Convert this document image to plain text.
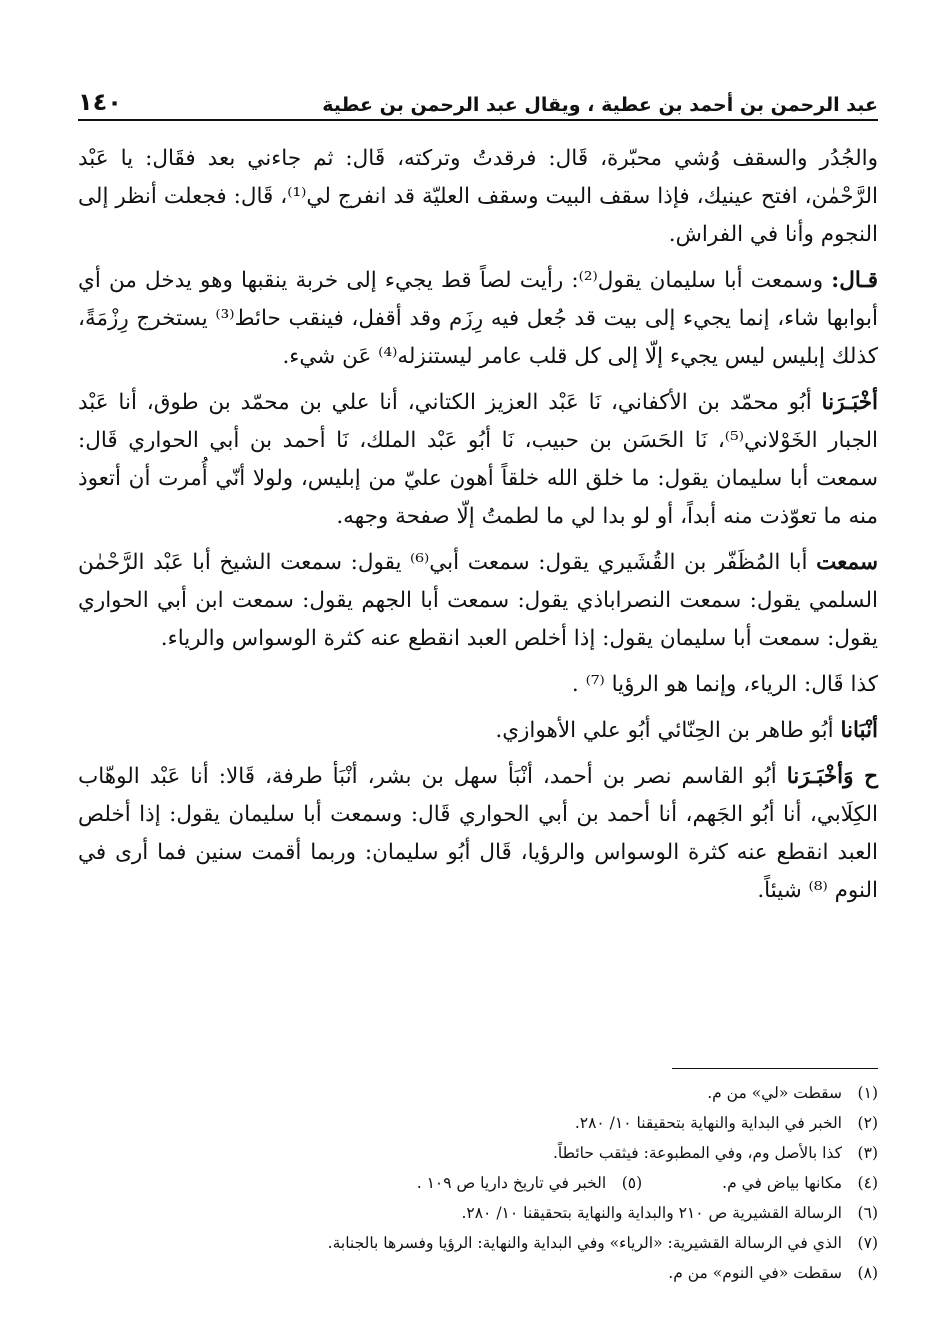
عبد الرحمن بن أحمد بن عطية ، ويقال عبد الرحمن بن عطية
١٤٠

والجُدُر والسقف وُشي محبّرة، قَال: فرقدتُ وتركته، قَال: ثم جاءني بعد فقَال: يا عَبْد الرَّحْمٰن، افتح عينيك، فإذا سقف البيت وسقف العليّة قد انفرج لي⁽¹⁾، قَال: فجعلت أنظر إلى النجوم وأنا في الفراش.

قـال: وسمعت أبا سليمان يقول⁽²⁾: رأيت لصاً قط يجيء إلى خربة ينقبها وهو يدخل من أي أبوابها شاء، إنما يجيء إلى بيت قد جُعل فيه رِزَم وقد أقفل، فينقب حائط⁽³⁾ يستخرج رِزْمَةً، كذلك إبليس ليس يجيء إلّا إلى كل قلب عامر ليستنزله⁽⁴⁾ عَن شيء.

أخْبَـرَنا أبُو محمّد بن الأكفاني، نَا عَبْد العزيز الكتاني، أنا علي بن محمّد بن طوق، أنا عَبْد الجبار الخَوْلاني⁽⁵⁾، نَا الحَسَن بن حبيب، نَا أبُو عَبْد الملك، نَا أحمد بن أبي الحواري قَال: سمعت أبا سليمان يقول: ما خلق الله خلقاً أهون عليّ من إبليس، ولولا أنّي أُمرت أن أتعوذ منه ما تعوّذت منه أبداً، أو لو بدا لي ما لطمتُ إلّا صفحة وجهه.

سمعت أبا المُظَفّر بن القُشَيري يقول: سمعت أبي⁽⁶⁾ يقول: سمعت الشيخ أبا عَبْد الرَّحْمٰن السلمي يقول: سمعت النصراباذي يقول: سمعت أبا الجهم يقول: سمعت ابن أبي الحواري يقول: سمعت أبا سليمان يقول: إذا أخلص العبد انقطع عنه كثرة الوسواس والرياء.

كذا قَال: الرياء، وإنما هو الرؤيا ⁽⁷⁾ .

أنْبَانا أبُو طاهر بن الحِنّائي أبُو علي الأهوازي.

ح وَأخْبَـرَنا أبُو القاسم نصر بن أحمد، أنْبَأ سهل بن بشر، أنْبَأ طرفة، قَالا: أنا عَبْد الوهّاب الكِلَابي، أنا أبُو الجَهم، أنا أحمد بن أبي الحواري قَال: وسمعت أبا سليمان يقول: إذا أخلص العبد انقطع عنه كثرة الوسواس والرؤيا، قَال أبُو سليمان: وربما أقمت سنين فما أرى في النوم ⁽⁸⁾ شيئاً.

(١)
سقطت «لي» من م.
(٢)
الخبر في البداية والنهاية بتحقيقنا ١٠/ ٢٨٠.
(٣)
كذا بالأصل وم، وفي المطبوعة: فيثقب حائطاً.
(٤)
مكانها بياض في م.
(٥)
الخبر في تاريخ داريا ص ١٠٩ .
(٦)
الرسالة القشيرية ص ٢١٠ والبداية والنهاية بتحقيقنا ١٠/ ٢٨٠.
(٧)
الذي في الرسالة القشيرية: «الرياء» وفي البداية والنهاية: الرؤيا وفسرها بالجنابة.
(٨)
سقطت «في النوم» من م.
